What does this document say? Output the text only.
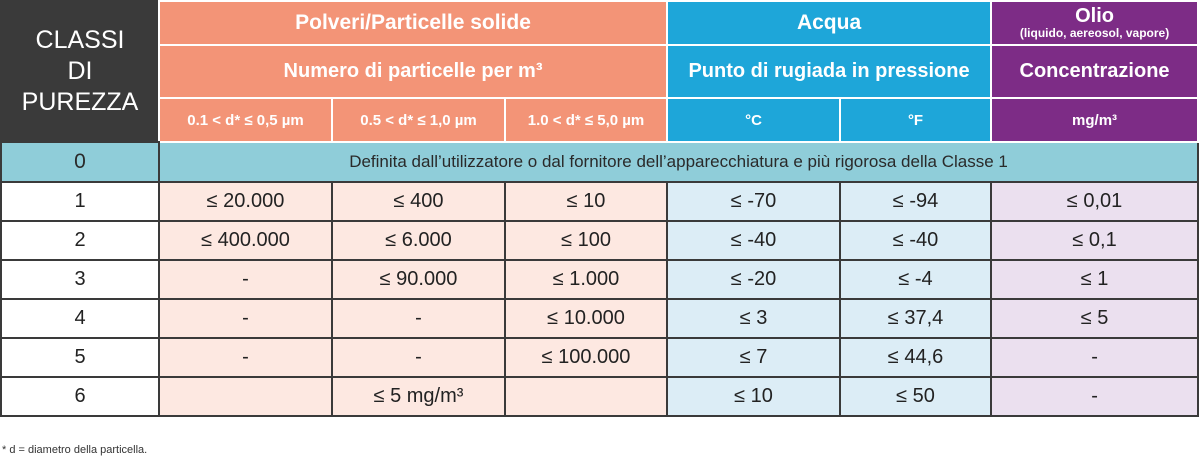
CLASSI
DI
PUREZZA	Polveri/Particelle solide			Acqua		Olio
(liquido, aereosol, vapore)

	Numero di particelle per m³			Punto di rugiada in pressione		Concentrazione
	0.1 < d* ≤ 0,5 µm	0.5 < d* ≤ 1,0 µm	1.0 < d* ≤ 5,0 µm	°C	°F	mg/m³
0	Definita dall’utilizzatore o dal fornitore dell’apparecchiatura e più rigorosa della Classe 1					
1	≤ 20.000	≤ 400	≤ 10	≤ -70	≤ -94	≤ 0,01
2	≤ 400.000	≤ 6.000	≤ 100	≤ -40	≤ -40	≤ 0,1
3	-	≤ 90.000	≤ 1.000	≤ -20	≤ -4	≤ 1
4	-	-	≤ 10.000	≤ 3	≤ 37,4	≤ 5
5	-	-	≤ 100.000	≤ 7	≤ 44,6	-
6		≤ 5 mg/m³		≤ 10	≤ 50	-
* d = diametro della particella.
